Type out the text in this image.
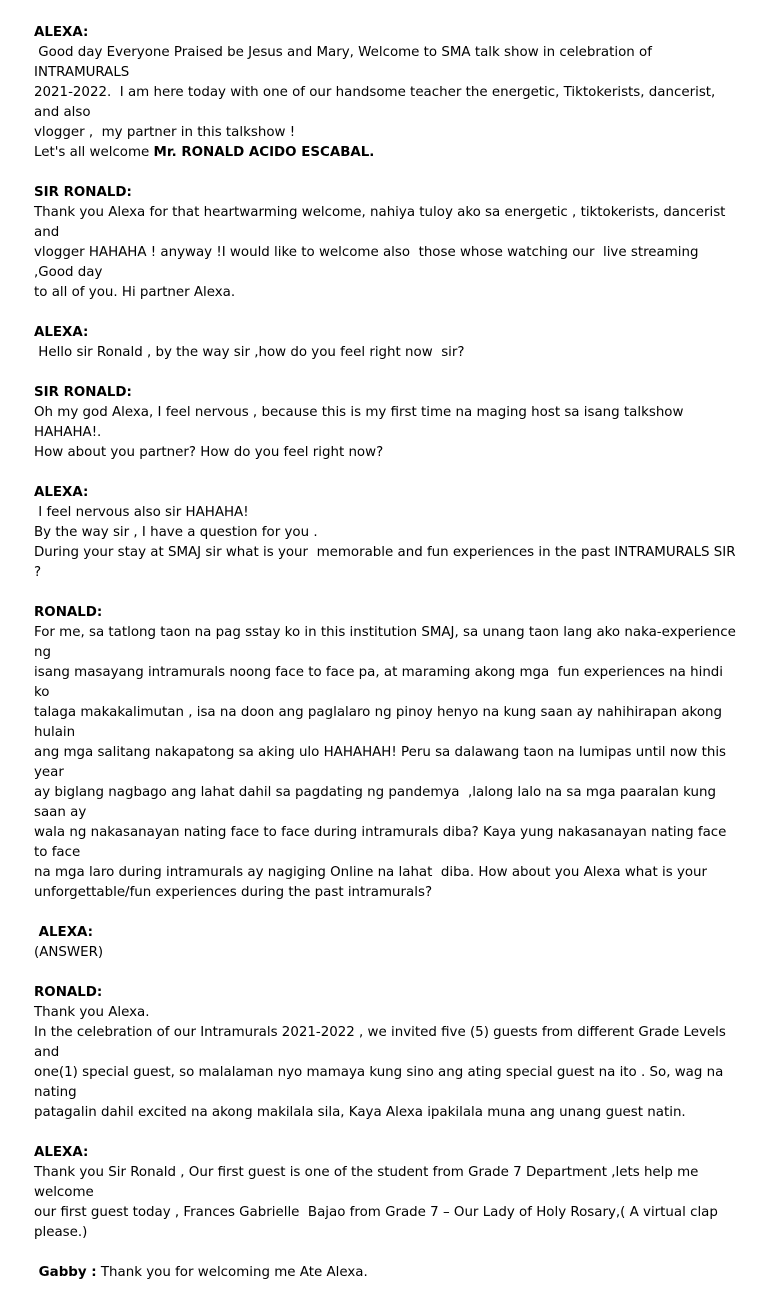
ALEXA:
Good day Everyone Praised be Jesus and Mary, Welcome to SMA talk show in celebration of INTRAMURALS
2021-2022.  I am here today with one of our handsome teacher the energetic, Tiktokerists, dancerist, and also
vlogger ,  my partner in this talkshow !
Let's all welcome Mr. RONALD ACIDO ESCABAL.
SIR RONALD:
Thank you Alexa for that heartwarming welcome, nahiya tuloy ako sa energetic , tiktokerists, dancerist and
vlogger HAHAHA ! anyway !I would like to welcome also  those whose watching our  live streaming ,Good day
to all of you. Hi partner Alexa.
ALEXA:
Hello sir Ronald , by the way sir ,how do you feel right now  sir?
SIR RONALD:
Oh my god Alexa, I feel nervous , because this is my first time na maging host sa isang talkshow HAHAHA!.
How about you partner? How do you feel right now?
ALEXA:
I feel nervous also sir HAHAHA!
By the way sir , I have a question for you .
During your stay at SMAJ sir what is your  memorable and fun experiences in the past INTRAMURALS SIR ?
RONALD:
For me, sa tatlong taon na pag sstay ko in this institution SMAJ, sa unang taon lang ako naka-experience ng
isang masayang intramurals noong face to face pa, at maraming akong mga  fun experiences na hindi ko
talaga makakalimutan , isa na doon ang paglalaro ng pinoy henyo na kung saan ay nahihirapan akong hulain
ang mga salitang nakapatong sa aking ulo HAHAHAH! Peru sa dalawang taon na lumipas until now this year
ay biglang nagbago ang lahat dahil sa pagdating ng pandemya  ,lalong lalo na sa mga paaralan kung saan ay
wala ng nakasanayan nating face to face during intramurals diba? Kaya yung nakasanayan nating face to face
na mga laro during intramurals ay nagiging Online na lahat  diba. How about you Alexa what is your
unforgettable/fun experiences during the past intramurals?
ALEXA:
(ANSWER)
RONALD:
Thank you Alexa.
In the celebration of our Intramurals 2021-2022 , we invited five (5) guests from different Grade Levels and
one(1) special guest, so malalaman nyo mamaya kung sino ang ating special guest na ito . So, wag na nating
patagalin dahil excited na akong makilala sila, Kaya Alexa ipakilala muna ang unang guest natin.
ALEXA:
Thank you Sir Ronald , Our first guest is one of the student from Grade 7 Department ,lets help me welcome
our first guest today , Frances Gabrielle  Bajao from Grade 7 – Our Lady of Holy Rosary,( A virtual clap please.)
Gabby : Thank you for welcoming me Ate Alexa.
